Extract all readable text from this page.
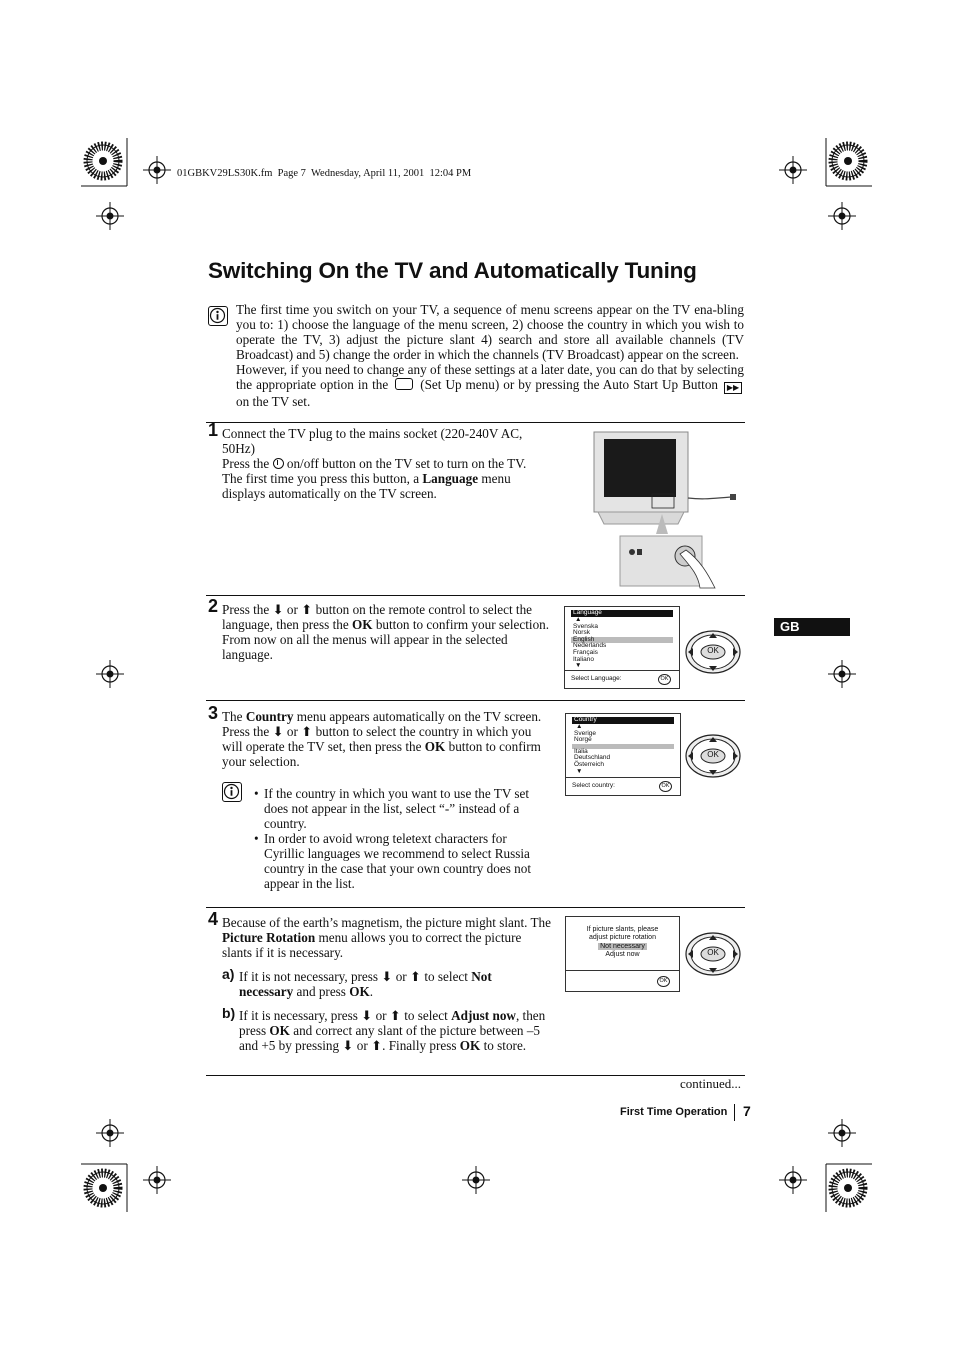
01GBKV29LS30K.fm  Page 7  Wednesday, April 11, 2001  12:04 PM
Switching On the TV and Automatically Tuning
The first time you switch on your TV, a sequence of menu screens appear on the TV ena-bling you to: 1) choose the language of the menu screen, 2) choose the country in which you wish to operate the TV, 3) adjust the picture slant 4) search and store all available channels (TV Broadcast) and 5) change the order in which the channels (TV Broadcast) appear on the screen.
However, if you need to change any of these settings at a later date, you can do that by selecting the appropriate option in the (Set Up menu) or by pressing the Auto Start Up Button ▶▶ on the TV set.
1 Connect the TV plug to the mains socket (220-240V AC, 50Hz)
Press the on/off button on the TV set to turn on the TV.
The first time you press this button, a Language menu displays automatically on the TV screen.
2 Press the ⬇ or ⬆ button on the remote control to select the language, then press the OK button to confirm your selection. From now on all the menus will appear in the selected language.
Language
▲
Svenska
Norsk
English
Nederlands
Français
Italiano
▼
Select Language:	OK
OK
GB
3 The Country menu appears automatically on the TV screen. Press the ⬇ or ⬆ button to select the country in which you will operate the TV set, then press the OK button to confirm your selection.
• If the country in which you want to use the TV set does not appear in the list, select “-” instead of a country.
• In order to avoid wrong teletext characters for Cyrillic languages we recommend to select Russia country in the case that your own country does not appear in the list.
Country
▲
Sverige
Norge
Italia
Deutschland
Österreich
▼
Select country:	OK
OK
4 Because of the earth’s magnetism, the picture might slant. The Picture Rotation menu allows you to correct the picture slants if it is necessary.
a) If it is not necessary, press ⬇ or ⬆ to select Not necessary and press OK.
b) If it is necessary, press ⬇ or ⬆ to select Adjust now, then press OK and correct any slant of the picture between –5 and +5 by pressing ⬇ or ⬆. Finally press OK to store.
If picture slants, please
adjust picture rotation
Not necessary
Adjust now
OK
OK
continued...
First Time Operation 7
